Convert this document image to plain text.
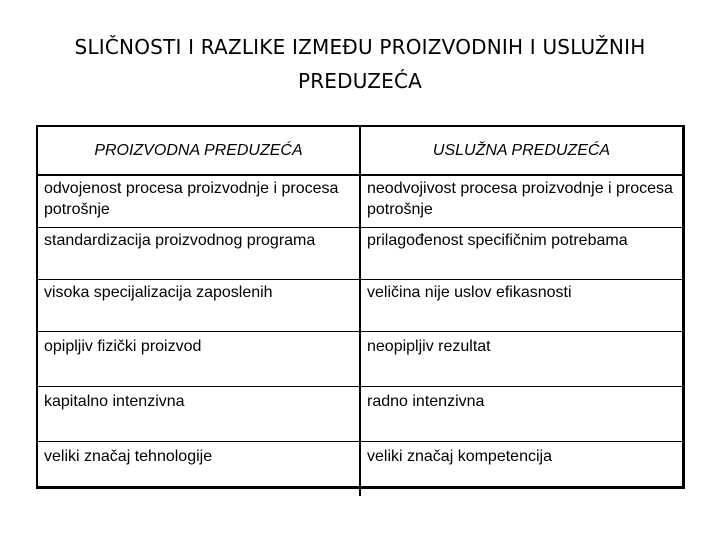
SLIČNOSTI I RAZLIKE IZMEĐU PROIZVODNIH I USLUŽNIH
PREDUZEĆA
PROIZVODNA PREDUZEĆA	USLUŽNA PREDUZEĆA
odvojenost procesa proizvodnje i procesa potrošnje	neodvojivost procesa proizvodnje i procesa potrošnje
standardizacija proizvodnog programa	prilagođenost specifičnim potrebama
visoka specijalizacija zaposlenih	veličina nije uslov efikasnosti
opipljiv fizički proizvod	neopipljiv rezultat
kapitalno intenzivna	radno intenzivna
veliki značaj tehnologije	veliki značaj kompetencija
